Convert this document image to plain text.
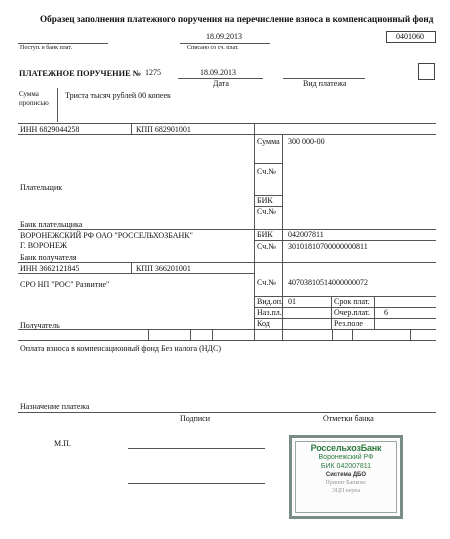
Образец заполнения платежного поручения на перечисление взноса в компенсационный фонд
18.09.2013
Поступ. в банк плат.	Списано со сч. плат.
0401060
ПЛАТЕЖНОЕ ПОРУЧЕНИЕ № 1275	18.09.2013
Дата	Вид платежа
Сумма прописью
Триста тысяч рублей 00 копеек
ИНН 6829044258	КПП 682901001
Плательщик
Сумма 300 000-00
Сч.№
БИК
Сч.№
Банк плательщика
ВОРОНЕЖСКИЙ РФ ОАО "РОССЕЛЬХОЗБАНК"
Г. ВОРОНЕЖ
Банк получателя
БИК 042007811
Сч.№ 30101810700000000811
ИНН 3662121845	КПП 366201001
СРО НП "РОС" Развитие"	Сч.№ 40703810514000000072
Получатель
Вид.оп. 01	Срок плат.
Наз.пл.	Очер.плат. 6
Код	Рез.поле
Оплата взноса в компенсационный фонд Без налога (НДС)
Назначение платежа
Подписи	Отметки банка
М.П.	РоссельхозБанк
Воронежский РФ
БИК 042007811
Система ДБО
Принят Банком:
ЭЦП верна
